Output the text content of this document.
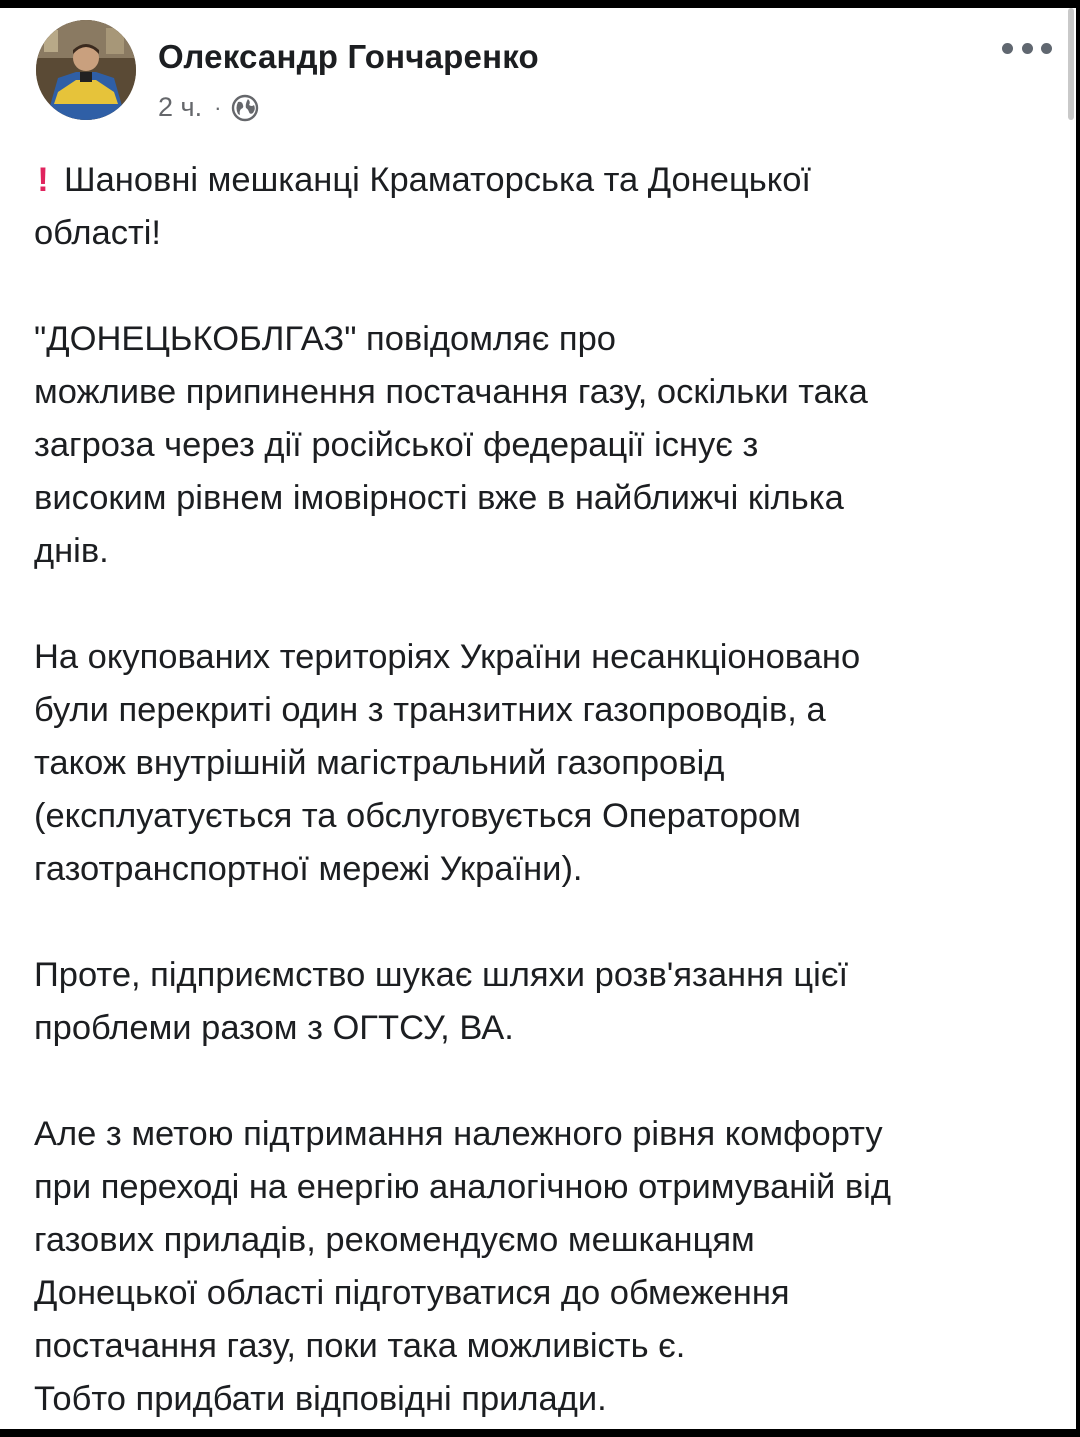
Олександр Гончаренко
2 ч. ·

! Шановні мешканці Краматорська та Донецької
області!

"ДОНЕЦЬКОБЛГАЗ" повідомляє про
можливе припинення постачання газу, оскільки така
загроза через дії російської федерації існує з
високим рівнем імовірності вже в найближчі кілька
днів.

На окупованих територіях України несанкціоновано
були перекриті один з транзитних газопроводів, а
також внутрішній магістральний газопровід
(експлуатується та обслуговується Оператором
газотранспортної мережі України).

Проте, підприємство шукає шляхи розв'язання цієї
проблеми разом з ОГТСУ, ВА.

Але з метою підтримання належного рівня комфорту
при переході на енергію аналогічною отримуваній від
газових приладів, рекомендуємо мешканцям
Донецької області підготуватися до обмеження
постачання газу, поки така можливість є.
Тобто придбати відповідні прилади.
